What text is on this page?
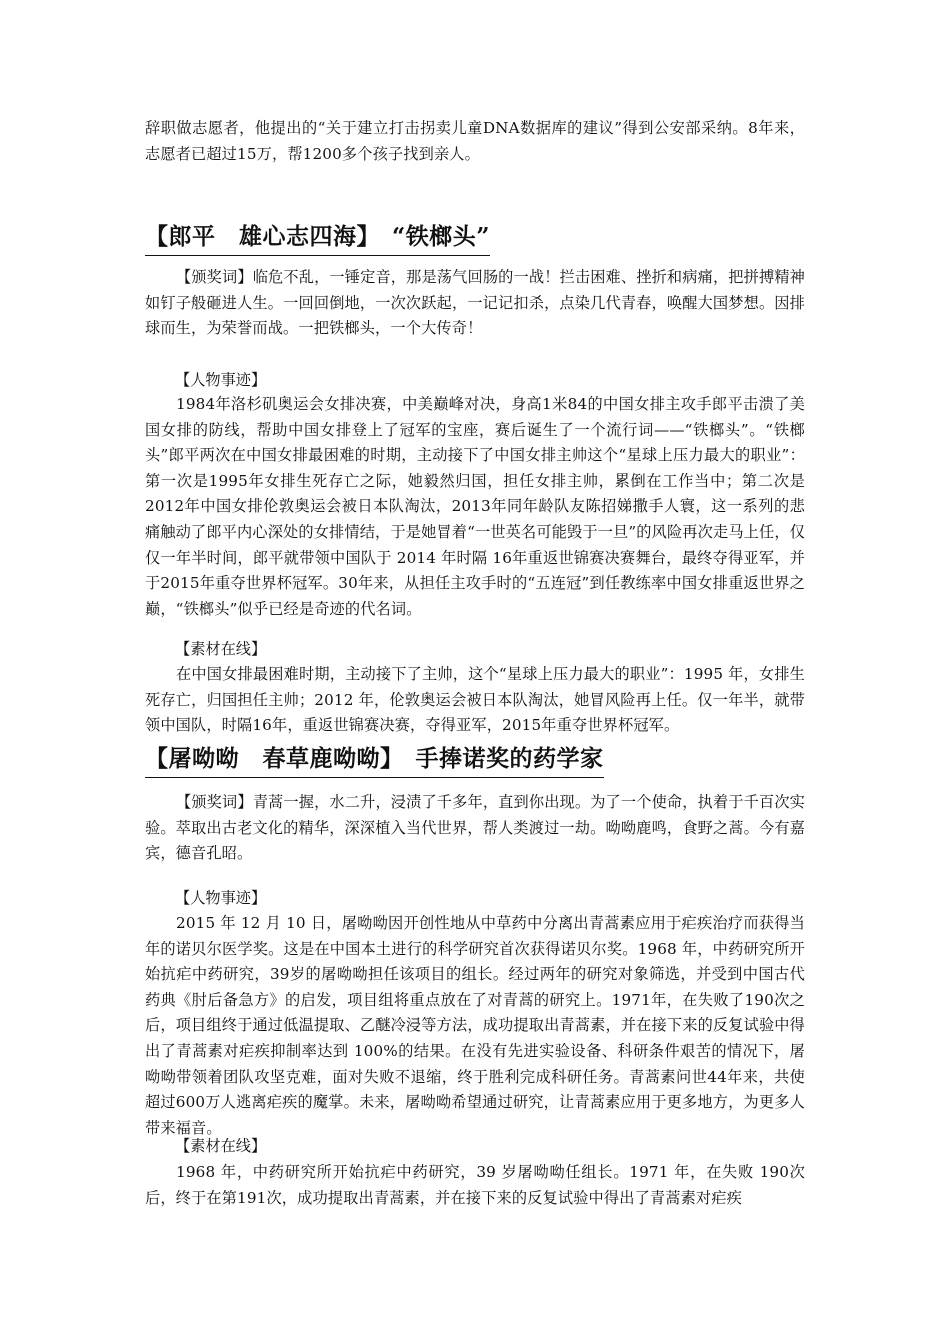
辞职做志愿者，他提出的“关于建立打击拐卖儿童DNA数据库的建议”得到公安部采纳。8年来，志愿者已超过15万，帮1200多个孩子找到亲人。

【郎平　雄心志四海】　“铁榔头”

【颁奖词】临危不乱，一锤定音，那是荡气回肠的一战！拦击困难、挫折和病痛，把拼搏精神如钉子般砸进人生。一回回倒地，一次次跃起，一记记扣杀，点染几代青春，唤醒大国梦想。因排球而生，为荣誉而战。一把铁榔头，一个大传奇！

【人物事迹】

1984年洛杉矶奥运会女排决赛，中美巅峰对决，身高1米84的中国女排主攻手郎平击溃了美国女排的防线，帮助中国女排登上了冠军的宝座，赛后诞生了一个流行词——“铁榔头”。“铁榔头”郎平两次在中国女排最困难的时期，主动接下了中国女排主帅这个“星球上压力最大的职业”：第一次是1995年女排生死存亡之际，她毅然归国，担任女排主帅，累倒在工作当中；第二次是2012年中国女排伦敦奥运会被日本队淘汰，2013年同年龄队友陈招娣撒手人寰，这一系列的悲痛触动了郎平内心深处的女排情结，于是她冒着“一世英名可能毁于一旦”的风险再次走马上任，仅仅一年半时间，郎平就带领中国队于 2014 年时隔 16年重返世锦赛决赛舞台，最终夺得亚军，并于2015年重夺世界杯冠军。30年来，从担任主攻手时的“五连冠”到任教练率中国女排重返世界之巅，“铁榔头”似乎已经是奇迹的代名词。

【素材在线】

在中国女排最困难时期，主动接下了主帅，这个“星球上压力最大的职业”：1995 年，女排生死存亡，归国担任主帅；2012 年，伦敦奥运会被日本队淘汰，她冒风险再上任。仅一年半，就带领中国队，时隔16年，重返世锦赛决赛，夺得亚军，2015年重夺世界杯冠军。

【屠呦呦　春草鹿呦呦】　手捧诺奖的药学家

【颁奖词】青蒿一握，水二升，浸渍了千多年，直到你出现。为了一个使命，执着于千百次实验。萃取出古老文化的精华，深深植入当代世界，帮人类渡过一劫。呦呦鹿鸣，食野之蒿。今有嘉宾，德音孔昭。

【人物事迹】

2015 年 12 月 10 日，屠呦呦因开创性地从中草药中分离出青蒿素应用于疟疾治疗而获得当年的诺贝尔医学奖。这是在中国本土进行的科学研究首次获得诺贝尔奖。1968 年，中药研究所开始抗疟中药研究，39岁的屠呦呦担任该项目的组长。经过两年的研究对象筛选，并受到中国古代药典《肘后备急方》的启发，项目组将重点放在了对青蒿的研究上。1971年，在失败了190次之后，项目组终于通过低温提取、乙醚冷浸等方法，成功提取出青蒿素，并在接下来的反复试验中得出了青蒿素对疟疾抑制率达到 100%的结果。在没有先进实验设备、科研条件艰苦的情况下，屠呦呦带领着团队攻坚克难，面对失败不退缩，终于胜利完成科研任务。青蒿素问世44年来，共使超过600万人逃离疟疾的魔掌。未来，屠呦呦希望通过研究，让青蒿素应用于更多地方，为更多人带来福音。

【素材在线】

1968 年，中药研究所开始抗疟中药研究，39 岁屠呦呦任组长。1971 年，在失败 190次后，终于在第191次，成功提取出青蒿素，并在接下来的反复试验中得出了青蒿素对疟疾
